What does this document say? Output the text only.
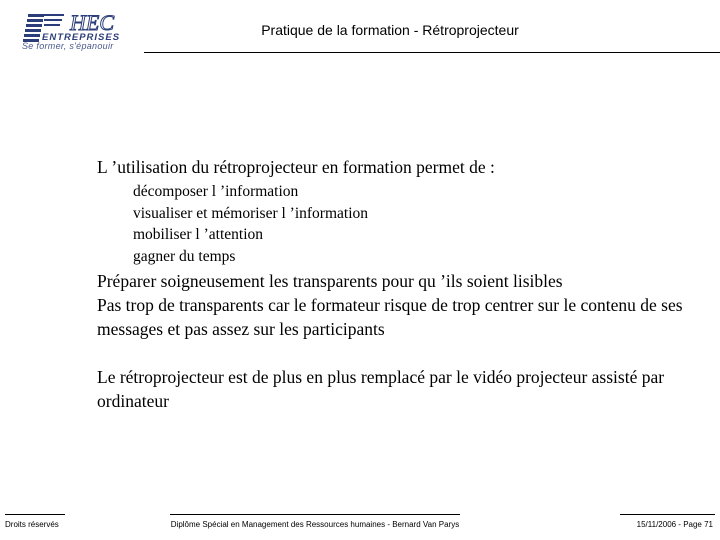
HEC
ENTREPRISES
Se former, s'épanouir
Pratique de la formation - Rétroprojecteur

L ’utilisation du rétroprojecteur en formation permet de :

décomposer l ’information
visualiser et mémoriser l ’information
mobiliser l ’attention
gagner du temps

Préparer soigneusement les transparents pour qu ’ils soient lisibles

Pas trop de transparents car le formateur risque de trop centrer sur le contenu de ses messages et pas assez sur les participants

Le rétroprojecteur est de plus en plus remplacé par le vidéo projecteur assisté par ordinateur

Droits réservés	Diplôme Spécial en Management des Ressources humaines - Bernard Van Parys	15/11/2006 - Page 71
